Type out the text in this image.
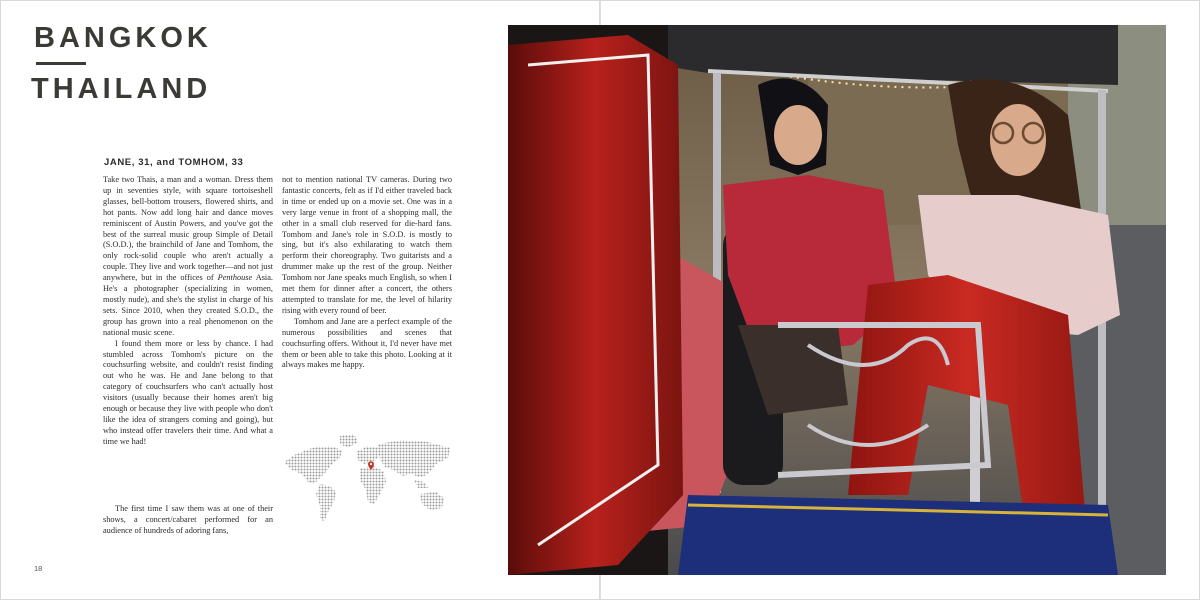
BANGKOK
THAILAND
JANE, 31, and TOMHOM, 33

Take two Thais, a man and a woman. Dress them up in seventies style, with square tortoiseshell glasses, bell-bottom trousers, flowered shirts, and hot pants. Now add long hair and dance moves reminiscent of Austin Powers, and you've got the best of the surreal music group Simple of Detail (S.O.D.), the brainchild of Jane and Tomhom, the only rock-solid couple who aren't actually a couple. They live and work together—and not just anywhere, but in the offices of Penthouse Asia. He's a photographer (specializing in women, mostly nude), and she's the stylist in charge of his sets. Since 2010, when they created S.O.D., the group has grown into a real phenomenon on the national music scene.

I found them more or less by chance. I had stumbled across Tomhom's picture on the couchsurfing website, and couldn't resist finding out who he was. He and Jane belong to that category of couchsurfers who can't actually host visitors (usually because their homes aren't big enough or because they live with people who don't like the idea of strangers coming and going), but who instead offer travelers their time. And what a time we had!

The first time I saw them was at one of their shows, a concert/cabaret performed for an audience of hundreds of adoring fans,

not to mention national TV cameras. During two fantastic concerts, felt as if I'd either traveled back in time or ended up on a movie set. One was in a very large venue in front of a shopping mall, the other in a small club reserved for die-hard fans. Tomhom and Jane's role in S.O.D. is mostly to sing, but it's also exhilarating to watch them perform their choreography. Two guitarists and a drummer make up the rest of the group. Neither Tomhom nor Jane speaks much English, so when I met them for dinner after a concert, the others attempted to translate for me, the level of hilarity rising with every round of beer.

Tomhom and Jane are a perfect example of the numerous possibilities and scenes that couchsurfing offers. Without it, I'd never have met them or been able to take this photo. Looking at it always makes me happy.

18
